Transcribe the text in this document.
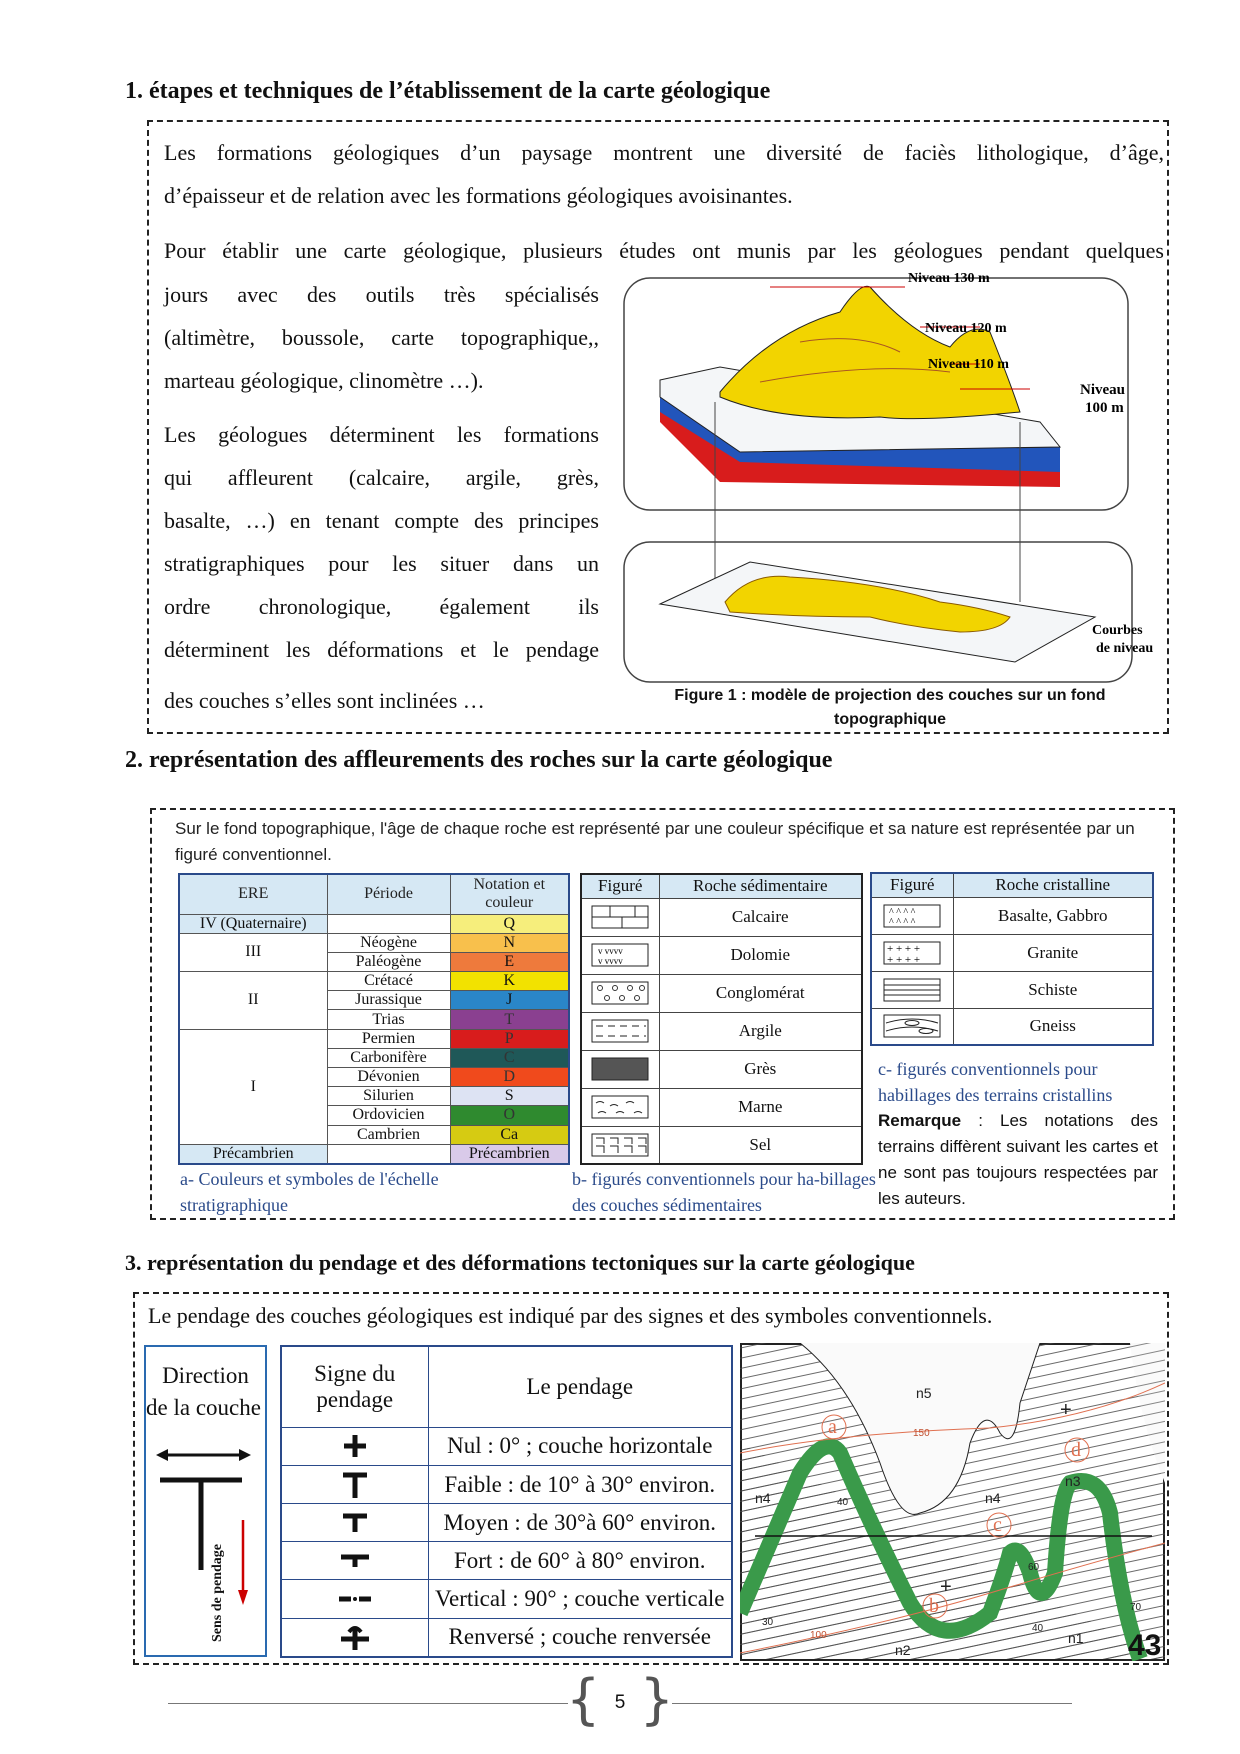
1. étapes et techniques de l’établissement de la carte géologique
Les formations géologiques d’un paysage montrent une diversité de faciès lithologique, d’âge,
d’épaisseur et de relation avec les formations géologiques avoisinantes.
Pour établir une carte géologique, plusieurs études ont munis par les géologues pendant quelques
jours avec des outils très spécialisés
(altimètre, boussole, carte topographique,,
marteau géologique, clinomètre …).
Les géologues déterminent les formations
qui affleurent (calcaire, argile, grès,
basalte, …) en tenant compte des principes
stratigraphiques pour les situer dans un
ordre chronologique, également ils
déterminent les déformations et le pendage
des couches s’elles sont inclinées …
Niveau 130 m
Niveau 120 m
Niveau 110 m
Niveau
100 m
Courbes
de niveau
Figure 1 : modèle de projection des couches sur un fond topographique
2. représentation des affleurements des roches sur la carte géologique
Sur le fond topographique, l'âge de chaque roche est représenté par une couleur spécifique et sa nature est représentée par un figuré conventionnel.
ERE	Période	Notation et couleur
IV (Quaternaire)		Q
III	Néogène	N
	Paléogène	E
II	Crétacé	K
	Jurassique	J
	Trias	T
I	Permien	P
	Carbonifère	C
	Dévonien	D
	Silurien	S
	Ordovicien	O
	Cambrien	Ca
Précambrien		Précambrien
a- Couleurs et symboles de l'échelle stratigraphique
Figuré	Roche sédimentaire

	Calcaire

v vvvv
v vvvv	Dolomie

	Conglomérat

	Argile

	Grès

	Marne

	Sel
b- figurés conventionnels pour ha-billages des couches sédimentaires
Figuré	Roche cristalline

^ ^ ^ ^
^ ^ ^ ^	Basalte, Gabbro

+ + + +
+ + + +	Granite

	Schiste

	Gneiss
c- figurés conventionnels pour habillages des terrains cristallins
Remarque : Les notations des terrains diffèrent suivant les cartes et ne sont pas toujours respectées par les auteurs.
3. représentation du pendage et des déformations tectoniques sur la carte géologique
Le pendage des couches géologiques est indiqué par des signes et des symboles conventionnels.
Direction
de la couche
Sens de pendage
Signe du pendage	Le pendage

	Nul : 0° ; couche horizontale

	Faible : de 10° à 30° environ.

	Moyen : de 30°à 60° environ.

	Fort : de 60° à 80° environ.

	Vertical : 90° ; couche verticale

	Renversé ; couche renversée
n5
n4	n4
n3
n2
n1
a
b
c
d
150
100
40
60
30
70
40
+
+
43
{ }
5
